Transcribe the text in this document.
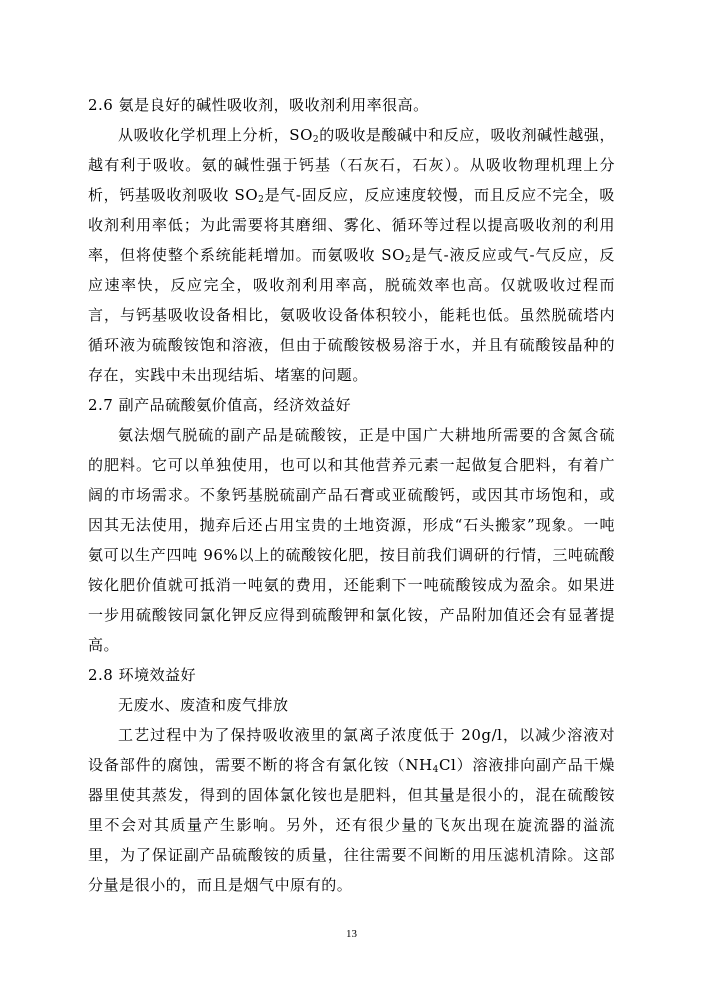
2.6 氨是良好的碱性吸收剂，吸收剂利用率很高。

从吸收化学机理上分析，$SO_2$的吸收是酸碱中和反应，吸收剂碱性越强，越有利于吸收。氨的碱性强于钙基（石灰石，石灰）。从吸收物理机理上分析，钙基吸收剂吸收 $SO_2$是气-固反应，反应速度较慢，而且反应不完全，吸收剂利用率低；为此需要将其磨细、雾化、循环等过程以提高吸收剂的利用率，但将使整个系统能耗增加。而氨吸收 $SO_2$是气-液反应或气-气反应，反应速率快，反应完全，吸收剂利用率高，脱硫效率也高。仅就吸收过程而言，与钙基吸收设备相比，氨吸收设备体积较小，能耗也低。虽然脱硫塔内循环液为硫酸铵饱和溶液，但由于硫酸铵极易溶于水，并且有硫酸铵晶种的存在，实践中未出现结垢、堵塞的问题。

2.7 副产品硫酸氨价值高，经济效益好

氨法烟气脱硫的副产品是硫酸铵，正是中国广大耕地所需要的含氮含硫的肥料。它可以单独使用，也可以和其他营养元素一起做复合肥料，有着广阔的市场需求。不象钙基脱硫副产品石膏或亚硫酸钙，或因其市场饱和，或因其无法使用，抛弃后还占用宝贵的土地资源，形成“石头搬家”现象。一吨氨可以生产四吨 96%以上的硫酸铵化肥，按目前我们调研的行情，三吨硫酸铵化肥价值就可抵消一吨氨的费用，还能剩下一吨硫酸铵成为盈余。如果进一步用硫酸铵同氯化钾反应得到硫酸钾和氯化铵，产品附加值还会有显著提高。

2.8 环境效益好
无废水、废渣和废气排放

工艺过程中为了保持吸收液里的氯离子浓度低于 20g/l，以减少溶液对设备部件的腐蚀，需要不断的将含有氯化铵$(NH_4Cl)$溶液排向副产品干燥器里使其蒸发，得到的固体氯化铵也是肥料，但其量是很小的，混在硫酸铵里不会对其质量产生影响。另外，还有很少量的飞灰出现在旋流器的溢流里，为了保证副产品硫酸铵的质量，往往需要不间断的用压滤机清除。这部分量是很小的，而且是烟气中原有的。

13
